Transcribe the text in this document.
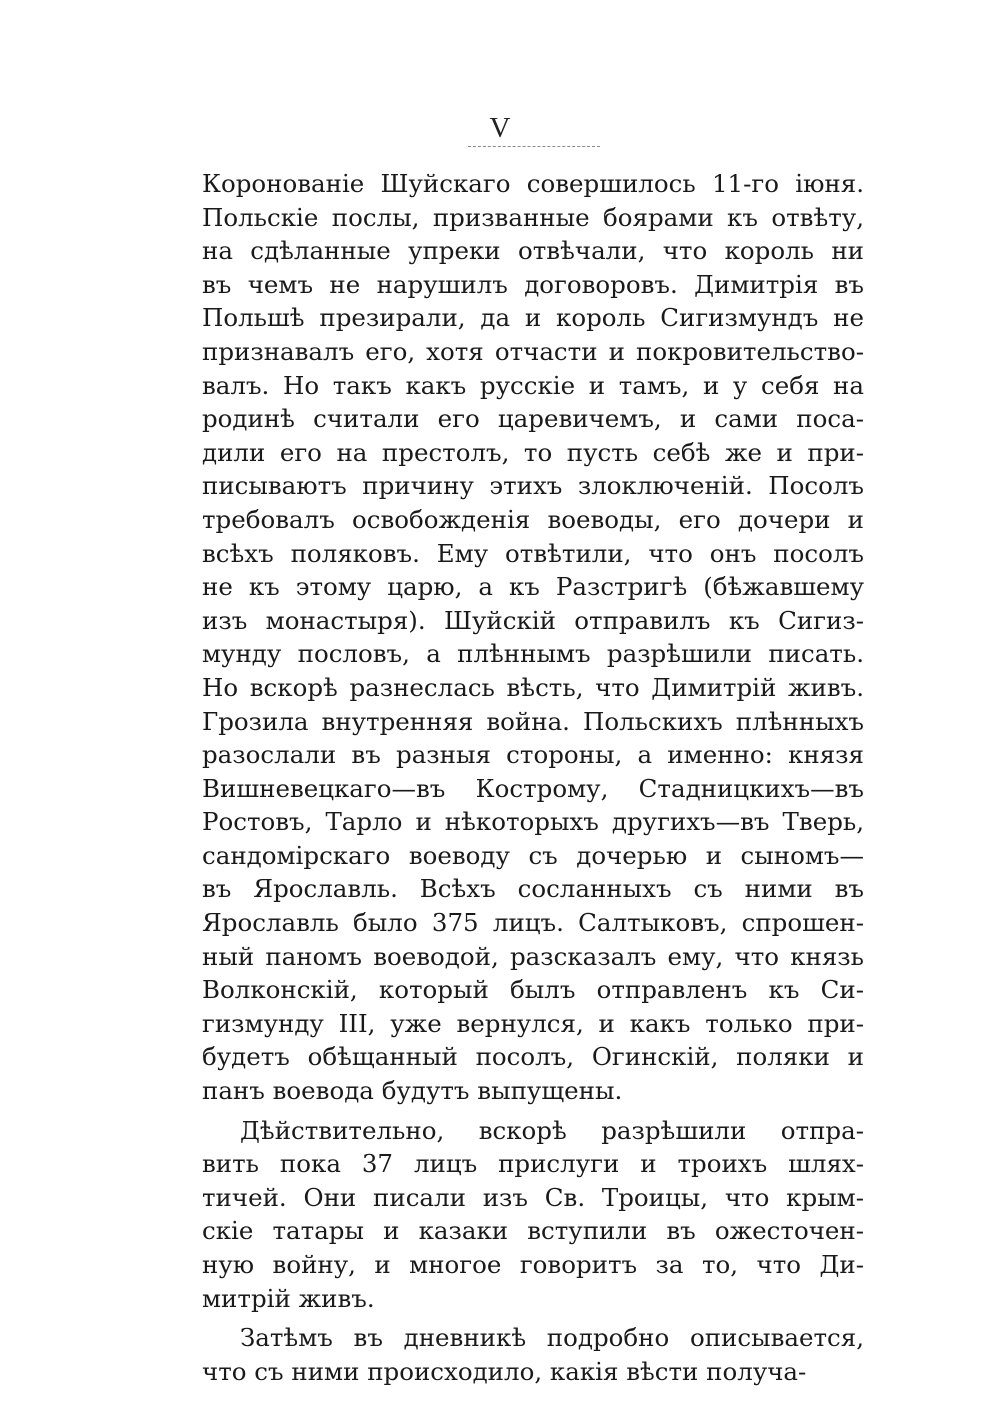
V
Коронованіе Шуйскаго совершилось 11-го іюня.
Польскіе послы, призванные боярами къ отвѣту,
на сдѣланные упреки отвѣчали, что король ни
въ чемъ не нарушилъ договоровъ. Димитрія въ
Польшѣ презирали, да и король Сигизмундъ не
признавалъ его, хотя отчасти и покровительство-
валъ. Но такъ какъ русскіе и тамъ, и у себя на
родинѣ считали его царевичемъ, и сами поса-
дили его на престолъ, то пусть себѣ же и при-
писываютъ причину этихъ злоключеній. Посолъ
требовалъ освобожденія воеводы, его дочери и
всѣхъ поляковъ. Ему отвѣтили, что онъ посолъ
не къ этому царю, а къ Разстригѣ (бѣжавшему
изъ монастыря). Шуйскій отправилъ къ Сигиз-
мунду пословъ, а плѣннымъ разрѣшили писать.
Но вскорѣ разнеслась вѣсть, что Димитрій живъ.
Грозила внутренняя война. Польскихъ плѣнныхъ
разослали въ разныя стороны, а именно: князя
Вишневецкаго—въ Кострому, Стадницкихъ—въ
Ростовъ, Тарло и нѣкоторыхъ другихъ—въ Тверь,
сандомірскаго воеводу съ дочерью и сыномъ—
въ Ярославль. Всѣхъ сосланныхъ съ ними въ
Ярославль было 375 лицъ. Салтыковъ, спрошен-
ный паномъ воеводой, разсказалъ ему, что князь
Волконскій, который былъ отправленъ къ Си-
гизмунду III, уже вернулся, и какъ только при-
будетъ обѣщанный посолъ, Огинскій, поляки и
панъ воевода будутъ выпущены.
Дѣйствительно, вскорѣ разрѣшили отпра-
вить пока 37 лицъ прислуги и троихъ шлях-
тичей. Они писали изъ Св. Троицы, что крым-
скіе татары и казаки вступили въ ожесточен-
ную войну, и многое говоритъ за то, что Ди-
митрій живъ.
Затѣмъ въ дневникѣ подробно описывается,
что съ ними происходило, какія вѣсти получа-
